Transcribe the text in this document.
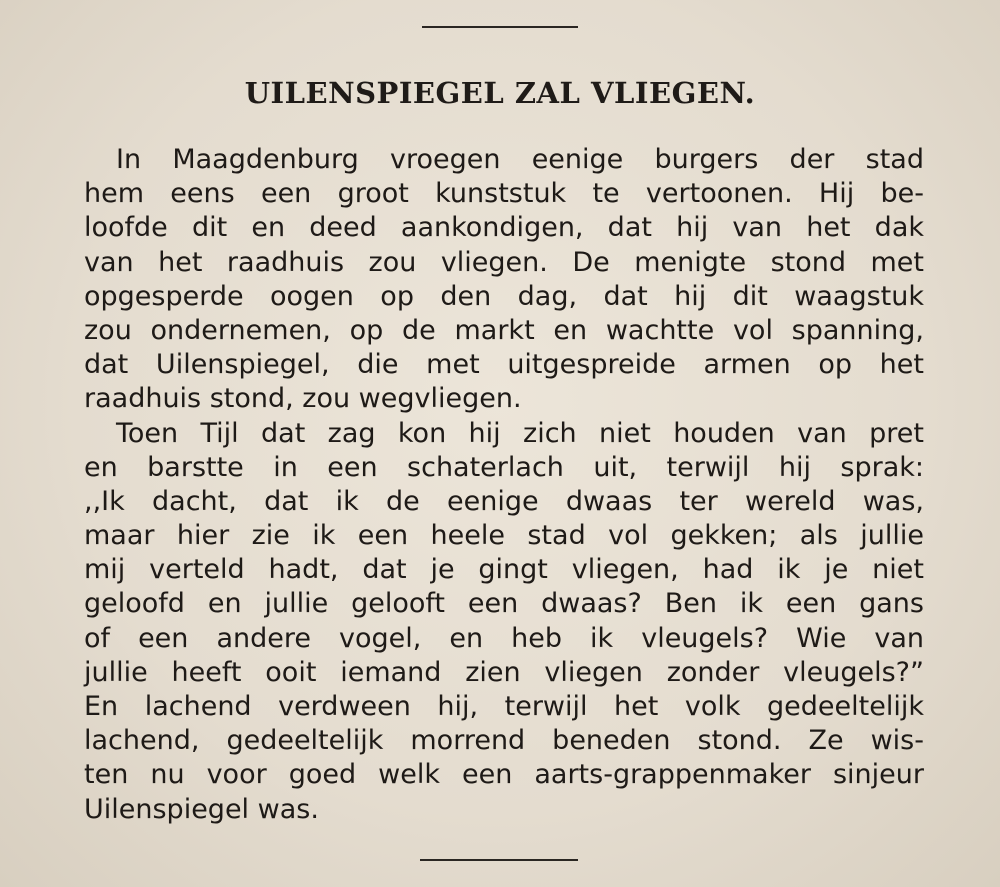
UILENSPIEGEL ZAL VLIEGEN.
In Maagdenburg vroegen eenige burgers der stad
hem eens een groot kunststuk te vertoonen. Hij be-
loofde dit en deed aankondigen, dat hij van het dak
van het raadhuis zou vliegen. De menigte stond met
opgesperde oogen op den dag, dat hij dit waagstuk
zou ondernemen, op de markt en wachtte vol spanning,
dat Uilenspiegel, die met uitgespreide armen op het
raadhuis stond, zou wegvliegen.
Toen Tijl dat zag kon hij zich niet houden van pret
en barstte in een schaterlach uit, terwijl hij sprak:
,,Ik dacht, dat ik de eenige dwaas ter wereld was,
maar hier zie ik een heele stad vol gekken; als jullie
mij verteld hadt, dat je gingt vliegen, had ik je niet
geloofd en jullie gelooft een dwaas? Ben ik een gans
of een andere vogel, en heb ik vleugels? Wie van
jullie heeft ooit iemand zien vliegen zonder vleugels?”
En lachend verdween hij, terwijl het volk gedeeltelijk
lachend, gedeeltelijk morrend beneden stond. Ze wis-
ten nu voor goed welk een aarts-grappenmaker sinjeur
Uilenspiegel was.
